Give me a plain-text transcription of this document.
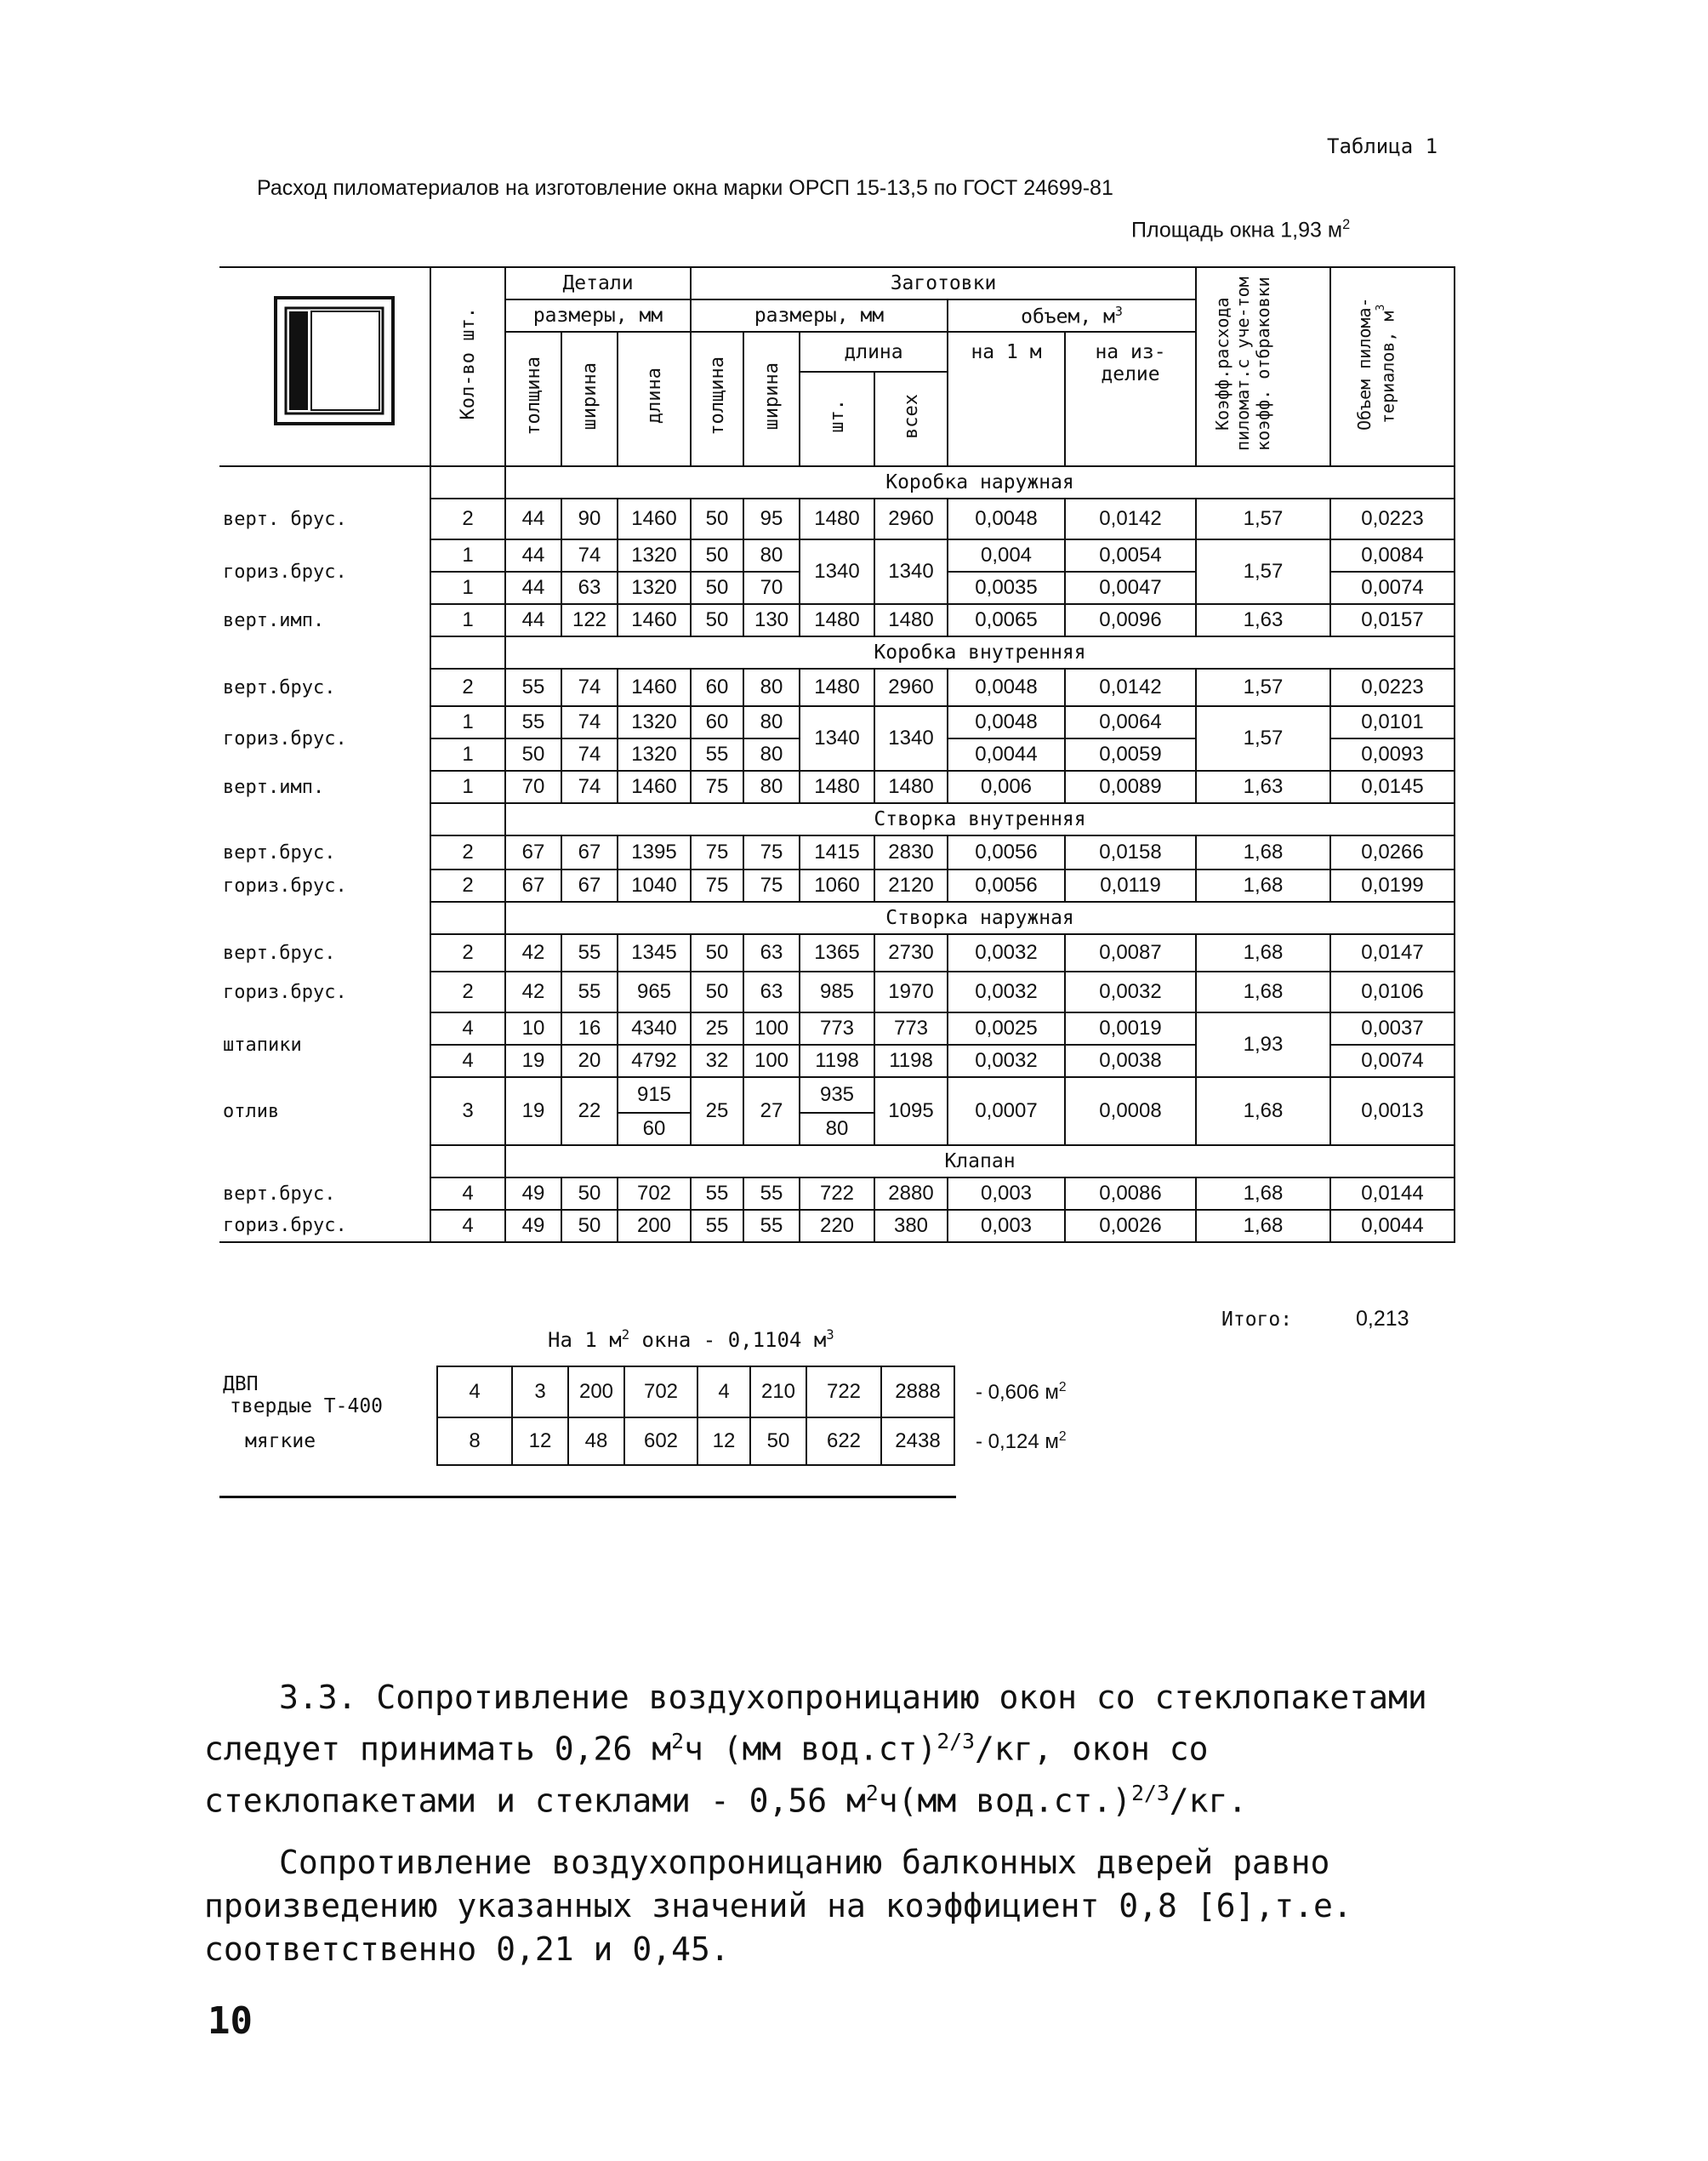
Таблица 1
Расход пиломатериалов на изготовление окна марки ОРСП 15-13,5 по ГОСТ 24699-81
Площадь окна 1,93 $м^2$
	Кол-во шт.	Детали			Заготовки						Коэфф.расхода пиломат.с уче-том коэфф. отбраковки	Объем пилома-териалов, $м^3$
		размеры, мм			размеры, мм				объем, $м^3$
		толщина	ширина	длина	толщина	ширина	длина		на 1 м	на из-делие		
							шт.	всех				
		Коробка наружная										
верт. брус.	2	44	90	1460	50	95	1480	2960	0,0048	0,0142	1,57	0,0223
гориз.брус.	1	44	74	1320	50	80	1340	1340	0,004	0,0054	1,57	0,0084
	1	44	63	1320	50	70			0,0035	0,0047		0,0074
верт.имп.	1	44	122	1460	50	130	1480	1480	0,0065	0,0096	1,63	0,0157
		Коробка внутренняя										
верт.брус.	2	55	74	1460	60	80	1480	2960	0,0048	0,0142	1,57	0,0223
гориз.брус.	1	55	74	1320	60	80	1340	1340	0,0048	0,0064	1,57	0,0101
	1	50	74	1320	55	80			0,0044	0,0059		0,0093
верт.имп.	1	70	74	1460	75	80	1480	1480	0,006	0,0089	1,63	0,0145
		Створка внутренняя										
верт.брус.	2	67	67	1395	75	75	1415	2830	0,0056	0,0158	1,68	0,0266
гориз.брус.	2	67	67	1040	75	75	1060	2120	0,0056	0,0119	1,68	0,0199
		Створка наружная										
верт.брус.	2	42	55	1345	50	63	1365	2730	0,0032	0,0087	1,68	0,0147
гориз.брус.	2	42	55	965	50	63	985	1970	0,0032	0,0032	1,68	0,0106
штапики	4	10	16	4340	25	100	773	773	0,0025	0,0019	1,93	0,0037
	4	19	20	4792	32	100	1198	1198	0,0032	0,0038		0,0074
отлив	3	19	22	915	25	27	935	1095	0,0007	0,0008	1,68	0,0013
				60			80					
		Клапан										
верт.брус.	4	49	50	702	55	55	722	2880	0,003	0,0086	1,68	0,0144
гориз.брус.	4	49	50	200	55	55	220	380	0,003	0,0026	1,68	0,0044
Итого:	0,213
На 1 $м^2$ окна - 0,1104 $м^3$
ДВП
твердые Т-400	4	3	200	702	4	210	722	2888	- 0,606 $м^2$
мягкие	8	12	48	602	12	50	622	2438	- 0,124 $м^2$
3.3. Сопротивление воздухопроницанию окон со стеклопакетами следует принимать 0,26 $м^2ч$ (мм вод.ст)$^{2/3}$/кг, окон со стеклопакетами и стеклами - 0,56 $м^2ч(мм$ вод.ст.)$^{2/3}$/кг.
Сопротивление воздухопроницанию балконных дверей равно произведению указанных значений на коэффициент 0,8 [6],т.е. соответственно 0,21 и 0,45.
10
